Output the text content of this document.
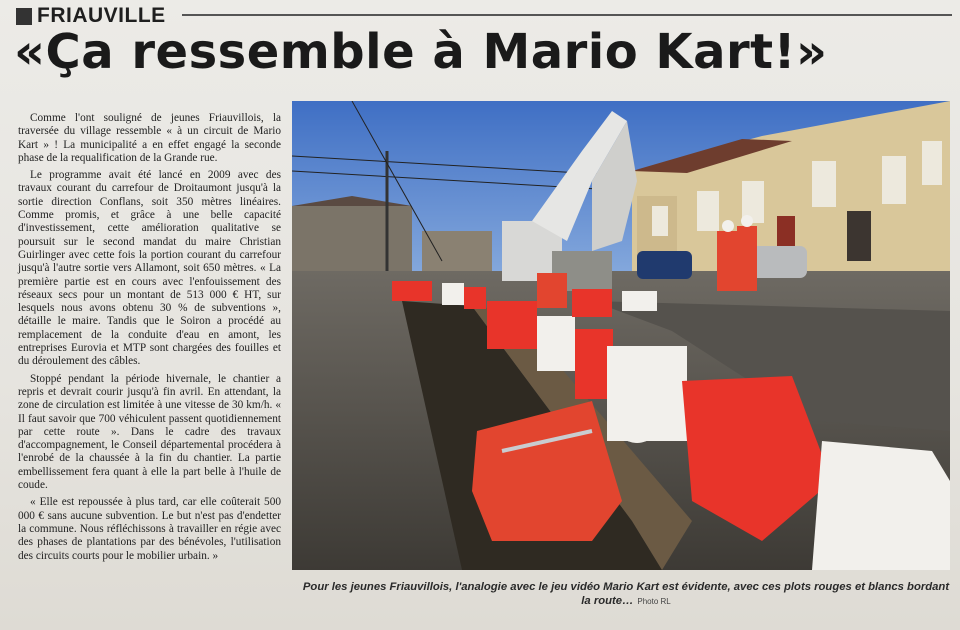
FRIAUVILLE
«Ça ressemble à Mario Kart!»

Comme l'ont souligné de jeunes Friauvillois, la traversée du village ressemble « à un circuit de Mario Kart » ! La municipalité a en effet engagé la seconde phase de la requalification de la Grande rue.

Le programme avait été lancé en 2009 avec des travaux courant du carrefour de Droitaumont jusqu'à la sortie direction Conflans, soit 350 mètres linéaires. Comme promis, et grâce à une belle capacité d'investissement, cette amélioration qualitative se poursuit sur le second mandat du maire Christian Guirlinger avec cette fois la portion courant du carrefour jusqu'à l'autre sortie vers Allamont, soit 650 mètres. « La première partie est en cours avec l'enfouissement des réseaux secs pour un montant de 513 000 € HT, sur lesquels nous avons obtenu 30 % de subventions », détaille le maire. Tandis que le Soiron a procédé au remplacement de la conduite d'eau en amont, les entreprises Eurovia et MTP sont chargées des fouilles et du déroulement des câbles.

Stoppé pendant la période hivernale, le chantier a repris et devrait courir jusqu'à fin avril. En attendant, la zone de circulation est limitée à une vitesse de 30 km/h. « Il faut savoir que 700 véhiculent passent quotidiennement par cette route ». Dans le cadre des travaux d'accompagnement, le Conseil départemental procédera à l'enrobé de la chaussée à la fin du chantier. La partie embellissement fera quant à elle la part belle à l'huile de coude.

« Elle est repoussée à plus tard, car elle coûterait 500 000 € sans aucune subvention. Le but n'est pas d'endetter la commune. Nous réfléchissons à travailler en régie avec des phases de plantations par des bénévoles, l'utilisation des circuits courts pour le mobilier urbain. »

Pour les jeunes Friauvillois, l'analogie avec le jeu vidéo Mario Kart est évidente, avec ces plots rouges et blancs bordant la route… Photo RL
